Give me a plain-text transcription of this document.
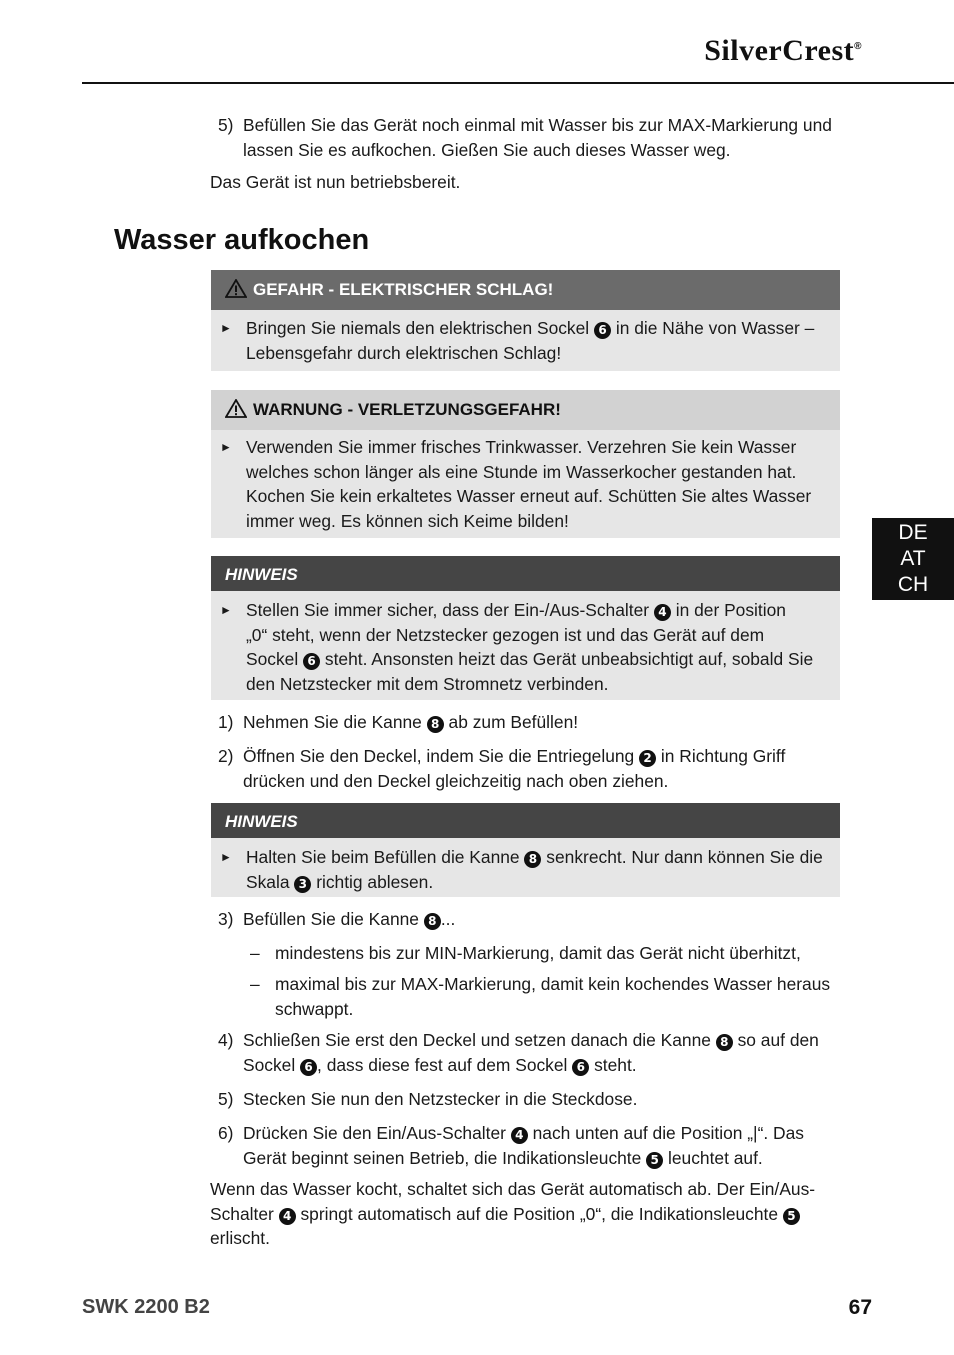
SilverCrest®
5) Befüllen Sie das Gerät noch einmal mit Wasser bis zur MAX-Markierung und
lassen Sie es aufkochen. Gießen Sie auch dieses Wasser weg.
Das Gerät ist nun betriebsbereit.
Wasser aufkochen
GEFAHR - ELEKTRISCHER SCHLAG!
► Bringen Sie niemals den elektrischen Sockel 6 in die Nähe von Wasser –
Lebensgefahr durch elektrischen Schlag!
WARNUNG - VERLETZUNGSGEFAHR!
► Verwenden Sie immer frisches Trinkwasser. Verzehren Sie kein Wasser
welches schon länger als eine Stunde im Wasserkocher gestanden hat.
Kochen Sie kein erkaltetes Wasser erneut auf. Schütten Sie altes Wasser
immer weg. Es können sich Keime bilden!
HINWEIS
► Stellen Sie immer sicher, dass der Ein-/Aus-Schalter 4 in der Position
„0“ steht, wenn der Netzstecker gezogen ist und das Gerät auf dem
Sockel 6 steht. Ansonsten heizt das Gerät unbeabsichtigt auf, sobald Sie
den Netzstecker mit dem Stromnetz verbinden.
1) Nehmen Sie die Kanne 8 ab zum Befüllen!
2) Öffnen Sie den Deckel, indem Sie die Entriegelung 2 in Richtung Griff
drücken und den Deckel gleichzeitig nach oben ziehen.
HINWEIS
► Halten Sie beim Befüllen die Kanne 8 senkrecht. Nur dann können Sie die
Skala 3 richtig ablesen.
3) Befüllen Sie die Kanne 8 ...
– mindestens bis zur MIN-Markierung, damit das Gerät nicht überhitzt,
– maximal bis zur MAX-Markierung, damit kein kochendes Wasser heraus
schwappt.
4) Schließen Sie erst den Deckel und setzen danach die Kanne 8 so auf den
Sockel 6 , dass diese fest auf dem Sockel 6 steht.
5) Stecken Sie nun den Netzstecker in die Steckdose.
6) Drücken Sie den Ein/Aus-Schalter 4 nach unten auf die Position „|“. Das
Gerät beginnt seinen Betrieb, die Indikationsleuchte 5 leuchtet auf.
Wenn das Wasser kocht, schaltet sich das Gerät automatisch ab. Der Ein/Aus-
Schalter 4 springt automatisch auf die Position „0“, die Indikationsleuchte 5
erlischt.
DE
AT
CH
SWK 2200 B2	67
